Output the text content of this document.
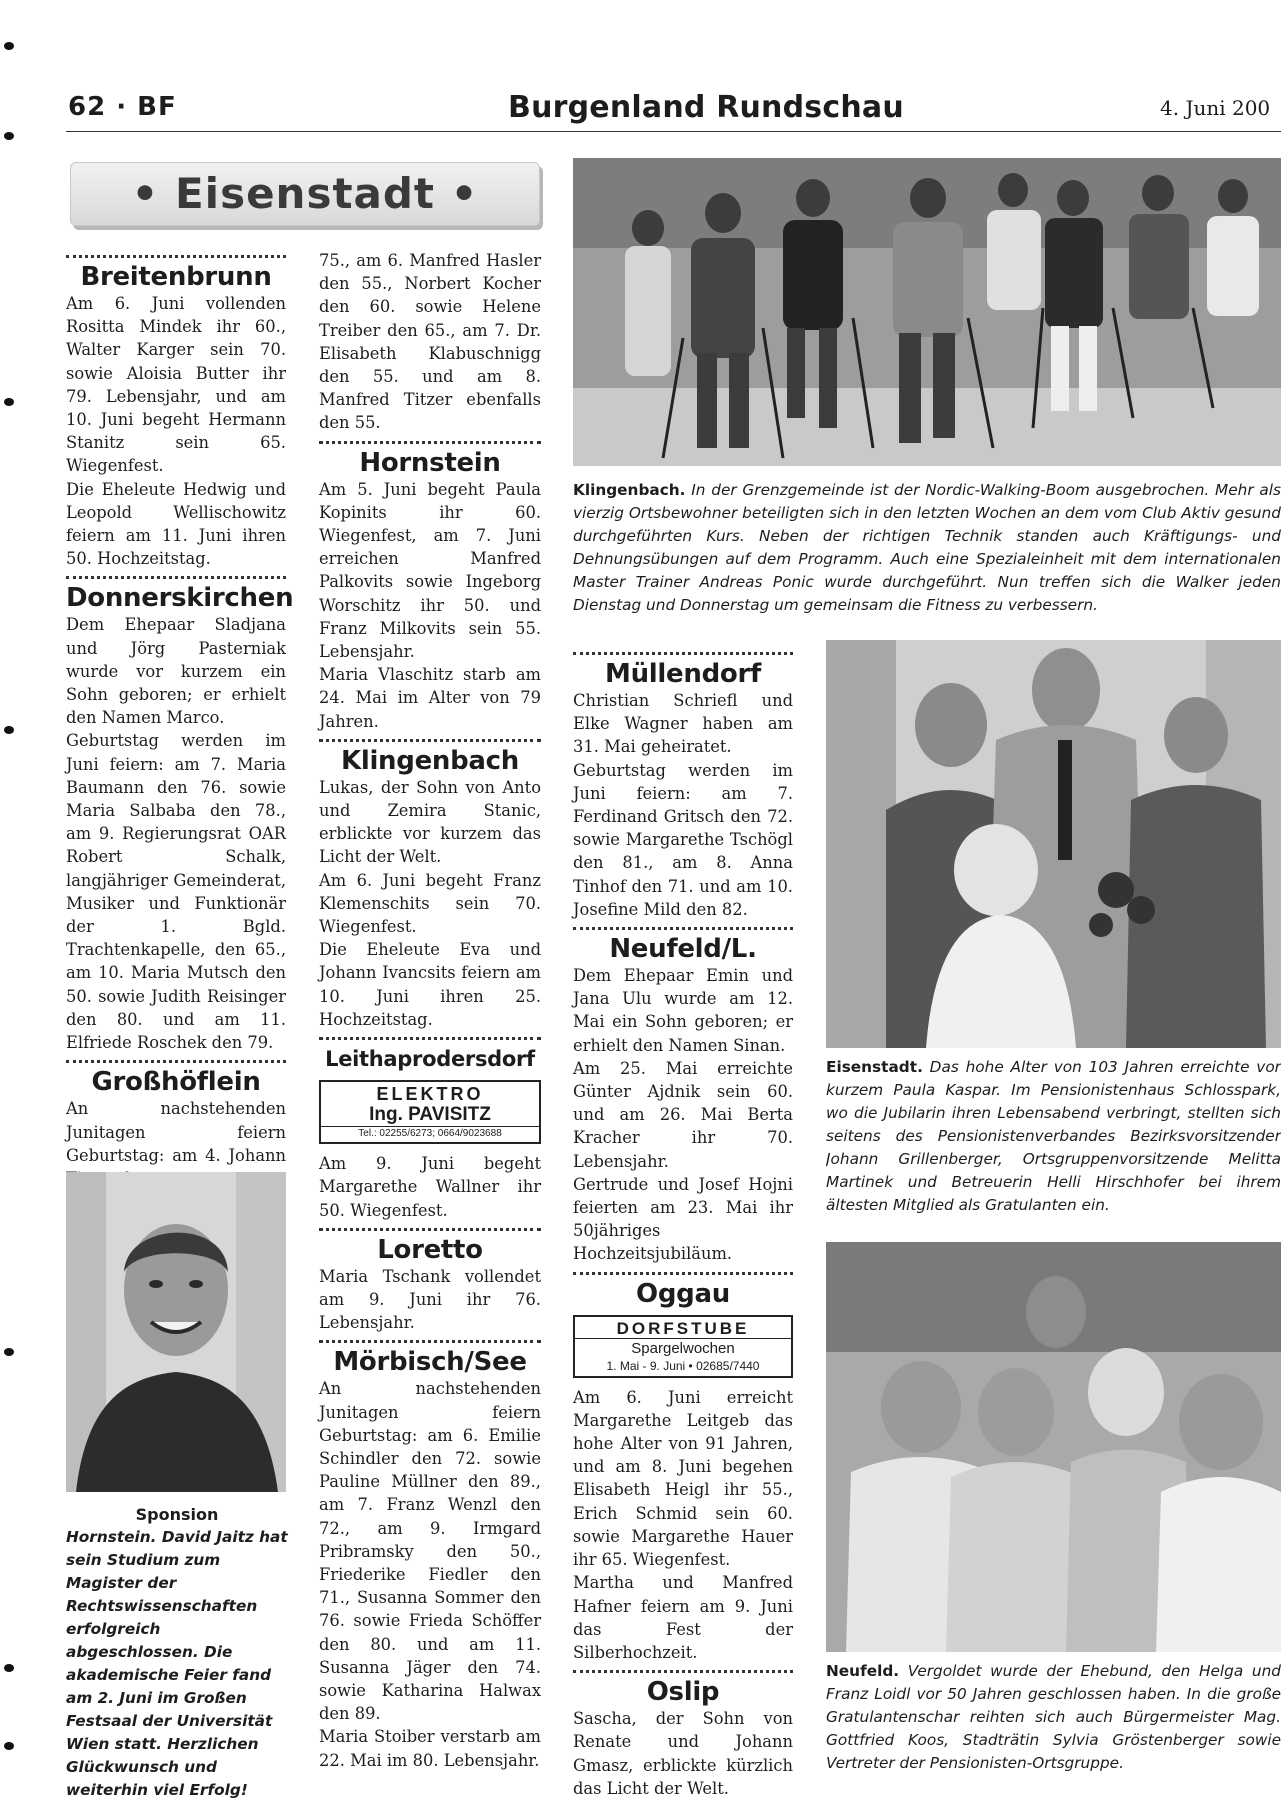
62 · BF	Burgenland Rundschau	4. Juni 200
• Eisenstadt •
Breitenbrunn

Am 6. Juni vollenden Rositta Mindek ihr 60., Walter Karger sein 70. sowie Aloisia Butter ihr 79. Lebensjahr, und am 10. Juni begeht Hermann Stanitz sein 65. Wiegenfest.

Die Eheleute Hedwig und Leopold Wellischowitz feiern am 11. Juni ihren 50. Hochzeitstag.

Donnerskirchen

Dem Ehepaar Sladjana und Jörg Pasterniak wurde vor kurzem ein Sohn geboren; er erhielt den Namen Marco.

Geburtstag werden im Juni feiern: am 7. Maria Baumann den 76. sowie Maria Salbaba den 78., am 9. Regierungsrat OAR Robert Schalk, langjähriger Gemeinderat, Musiker und Funktionär der 1. Bgld. Trachtenkapelle, den 65., am 10. Maria Mutsch den 50. sowie Judith Reisinger den 80. und am 11. Elfriede Roschek den 79.

Großhöflein

An nachstehenden Junitagen feiern Geburtstag: am 4. Johann

Sponsion
Hornstein. David Jaitz hat sein Studium zum Magister der Rechtswissenschaften erfolgreich abgeschlossen. Die akademische Feier fand am 2. Juni im Großen Festsaal der Universität Wien statt. Herzlichen Glückwunsch und weiterhin viel Erfolg!

75., am 6. Manfred Hasler den 55., Norbert Kocher den 60. sowie Helene Treiber den 65., am 7. Dr. Elisabeth Klabuschnigg den 55. und am 8. Manfred Titzer ebenfalls den 55.

Hornstein

Am 5. Juni begeht Paula Kopinits ihr 60. Wiegenfest, am 7. Juni erreichen Manfred Palkovits sowie Ingeborg Worschitz ihr 50. und Franz Milkovits sein 55. Lebensjahr.

Maria Vlaschitz starb am 24. Mai im Alter von 79 Jahren.

Klingenbach

Lukas, der Sohn von Anto und Zemira Stanic, erblickte vor kurzem das Licht der Welt.

Am 6. Juni begeht Franz Klemenschits sein 70. Wiegenfest.

Die Eheleute Eva und Johann Ivancsits feiern am 10. Juni ihren 25. Hochzeitstag.

Leithaprodersdorf
ELEKTRO
Ing. PAVISITZ
Tel.: 02255/6273; 0664/9023688

Am 9. Juni begeht Margarethe Wallner ihr 50. Wiegenfest.

Loretto

Maria Tschank vollendet am 9. Juni ihr 76. Lebensjahr.

Mörbisch/See

An nachstehenden Junitagen feiern Geburtstag: am 6. Emilie Schindler den 72. sowie Pauline Müllner den 89., am 7. Franz Wenzl den 72., am 9. Irmgard Pribramsky den 50., Friederike Fiedler den 71., Susanna Sommer den 76. sowie Frieda Schöffer den 80. und am 11. Susanna Jäger den 74. sowie Katharina Halwax den 89.

Maria Stoiber verstarb am 22. Mai im 80. Lebensjahr.

Klingenbach. In der Grenzgemeinde ist der Nordic-Walking-Boom ausgebrochen. Mehr als vierzig Ortsbewohner beteiligten sich in den letzten Wochen an dem vom Club Aktiv gesund durchgeführten Kurs. Neben der richtigen Technik standen auch Kräftigungs- und Dehnungsübungen auf dem Programm. Auch eine Spezialeinheit mit dem internationalen Master Trainer Andreas Ponic wurde durchgeführt. Nun treffen sich die Walker jeden Dienstag und Donnerstag um gemeinsam die Fitness zu verbessern.
Müllendorf

Christian Schriefl und Elke Wagner haben am 31. Mai geheiratet.

Geburtstag werden im Juni feiern: am 7. Ferdinand Gritsch den 72. sowie Margarethe Tschögl den 81., am 8. Anna Tinhof den 71. und am 10. Josefine Mild den 82.

Neufeld/L.

Dem Ehepaar Emin und Jana Ulu wurde am 12. Mai ein Sohn geboren; er erhielt den Namen Sinan.

Am 25. Mai erreichte Günter Ajdnik sein 60. und am 26. Mai Berta Kracher ihr 70. Lebensjahr.

Gertrude und Josef Hojni feierten am 23. Mai ihr 50jähriges Hochzeitsjubiläum.

Oggau
DORFSTUBE
Spargelwochen
1. Mai - 9. Juni • 02685/7440

Am 6. Juni erreicht Margarethe Leitgeb das hohe Alter von 91 Jahren, und am 8. Juni begehen Elisabeth Heigl ihr 55., Erich Schmid sein 60. sowie Margarethe Hauer ihr 65. Wiegenfest.

Martha und Manfred Hafner feiern am 9. Juni das Fest der Silberhochzeit.

Oslip

Sascha, der Sohn von Renate und Johann Gmasz, erblickte kürzlich das Licht der Welt.

Eisenstadt. Das hohe Alter von 103 Jahren erreichte vor kurzem Paula Kaspar. Im Pensionistenhaus Schlosspark, wo die Jubilarin ihren Lebensabend verbringt, stellten sich seitens des Pensionistenverbandes Bezirksvorsitzender Johann Grillenberger, Ortsgruppenvorsitzende Melitta Martinek und Betreuerin Helli Hirschhofer bei ihrem ältesten Mitglied als Gratulanten ein.
Neufeld. Vergoldet wurde der Ehebund, den Helga und Franz Loidl vor 50 Jahren geschlossen haben. In die große Gratulantenschar reihten sich auch Bürgermeister Mag. Gottfried Koos, Stadträtin Sylvia Gröstenberger sowie Vertreter der Pensionisten-Ortsgruppe.
